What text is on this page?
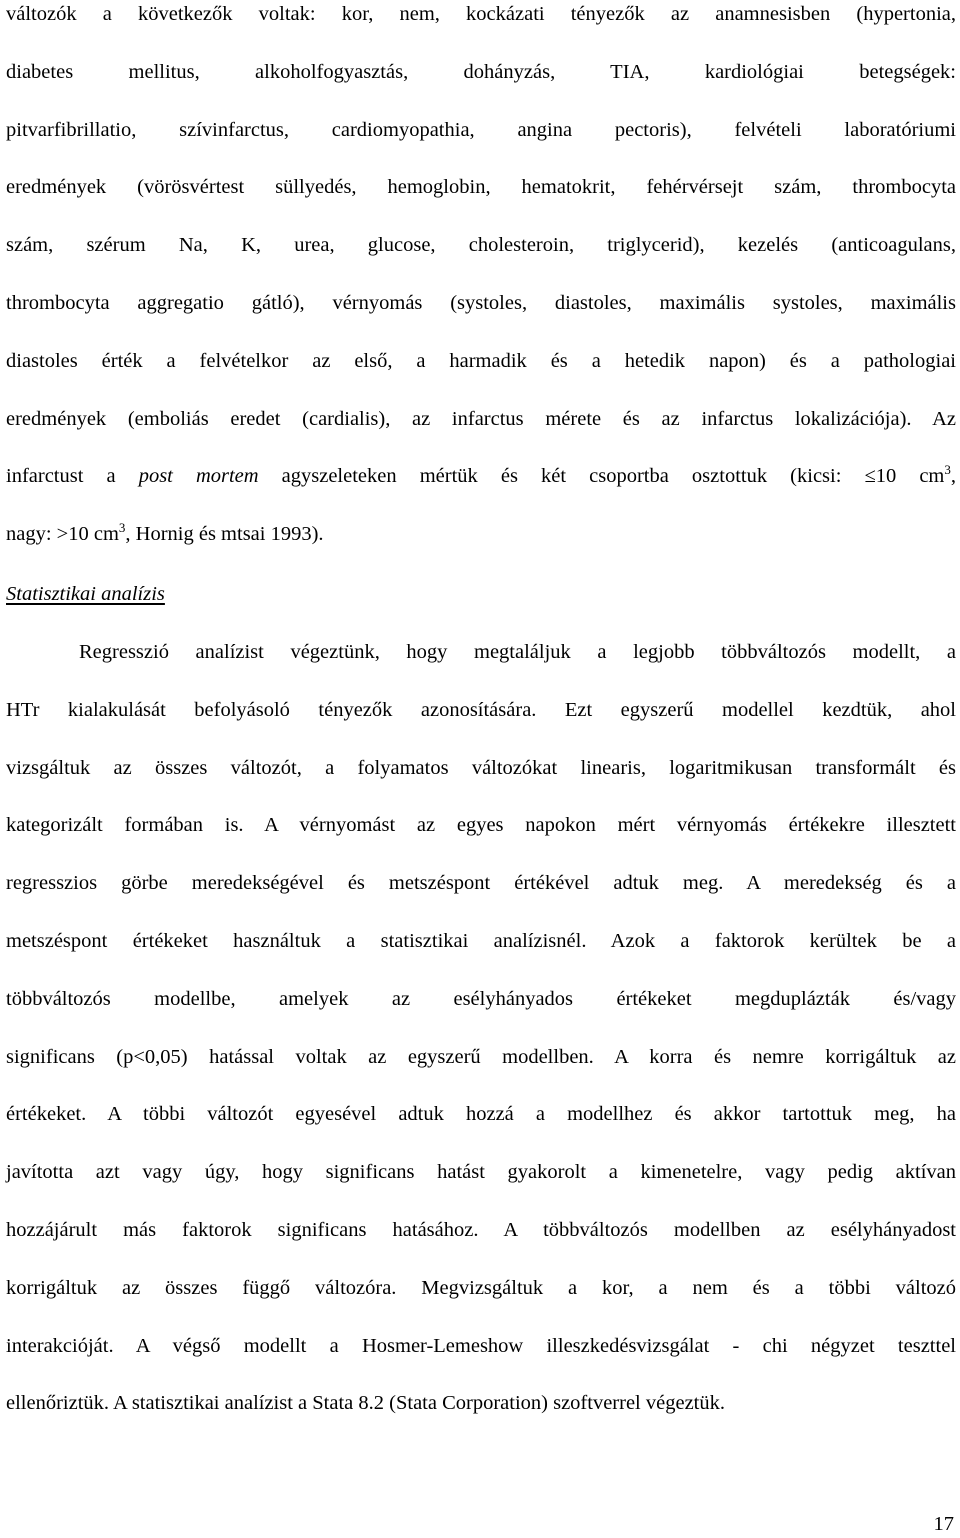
változók a következők voltak: kor, nem, kockázati tényezők az anamnesisben (hypertonia,
diabetes mellitus, alkoholfogyasztás, dohányzás, TIA, kardiológiai betegségek:
pitvarfibrillatio, szívinfarctus, cardiomyopathia, angina pectoris), felvételi laboratóriumi
eredmények (vörösvértest süllyedés, hemoglobin, hematokrit, fehérvérsejt szám, thrombocyta
szám, szérum Na, K, urea, glucose, cholesteroin, triglycerid), kezelés (anticoagulans,
thrombocyta aggregatio gátló), vérnyomás (systoles, diastoles, maximális systoles, maximális
diastoles érték a felvételkor az első, a harmadik és a hetedik napon) és a pathologiai
eredmények (emboliás eredet (cardialis), az infarctus mérete és az infarctus lokalizációja). Az
infarctust a post mortem agyszeleteken mértük és két csoportba osztottuk (kicsi: ≤10 $cm^3$,
nagy: >10 $cm^3$, Hornig és mtsai 1993).
Statisztikai analízis
Regresszió analízist végeztünk, hogy megtaláljuk a legjobb többváltozós modellt, a
HTr kialakulását befolyásoló tényezők azonosítására. Ezt egyszerű modellel kezdtük, ahol
vizsgáltuk az összes változót, a folyamatos változókat linearis, logaritmikusan transformált és
kategorizált formában is. A vérnyomást az egyes napokon mért vérnyomás értékekre illesztett
regresszios görbe meredekségével és metszéspont értékével adtuk meg. A meredekség és a
metszéspont értékeket használtuk a statisztikai analízisnél. Azok a faktorok kerültek be a
többváltozós modellbe, amelyek az esélyhányados értékeket megduplázták és/vagy
significans (p<0,05) hatással voltak az egyszerű modellben. A korra és nemre korrigáltuk az
értékeket. A többi változót egyesével adtuk hozzá a modellhez és akkor tartottuk meg, ha
javította azt vagy úgy, hogy significans hatást gyakorolt a kimenetelre, vagy pedig aktívan
hozzájárult más faktorok significans hatásához. A többváltozós modellben az esélyhányadost
korrigáltuk az összes függő változóra. Megvizsgáltuk a kor, a nem és a többi változó
interakcióját. A végső modellt a Hosmer-Lemeshow illeszkedésvizsgálat - chi négyzet teszttel
ellenőriztük. A statisztikai analízist a Stata 8.2 (Stata Corporation) szoftverrel végeztük.
17
